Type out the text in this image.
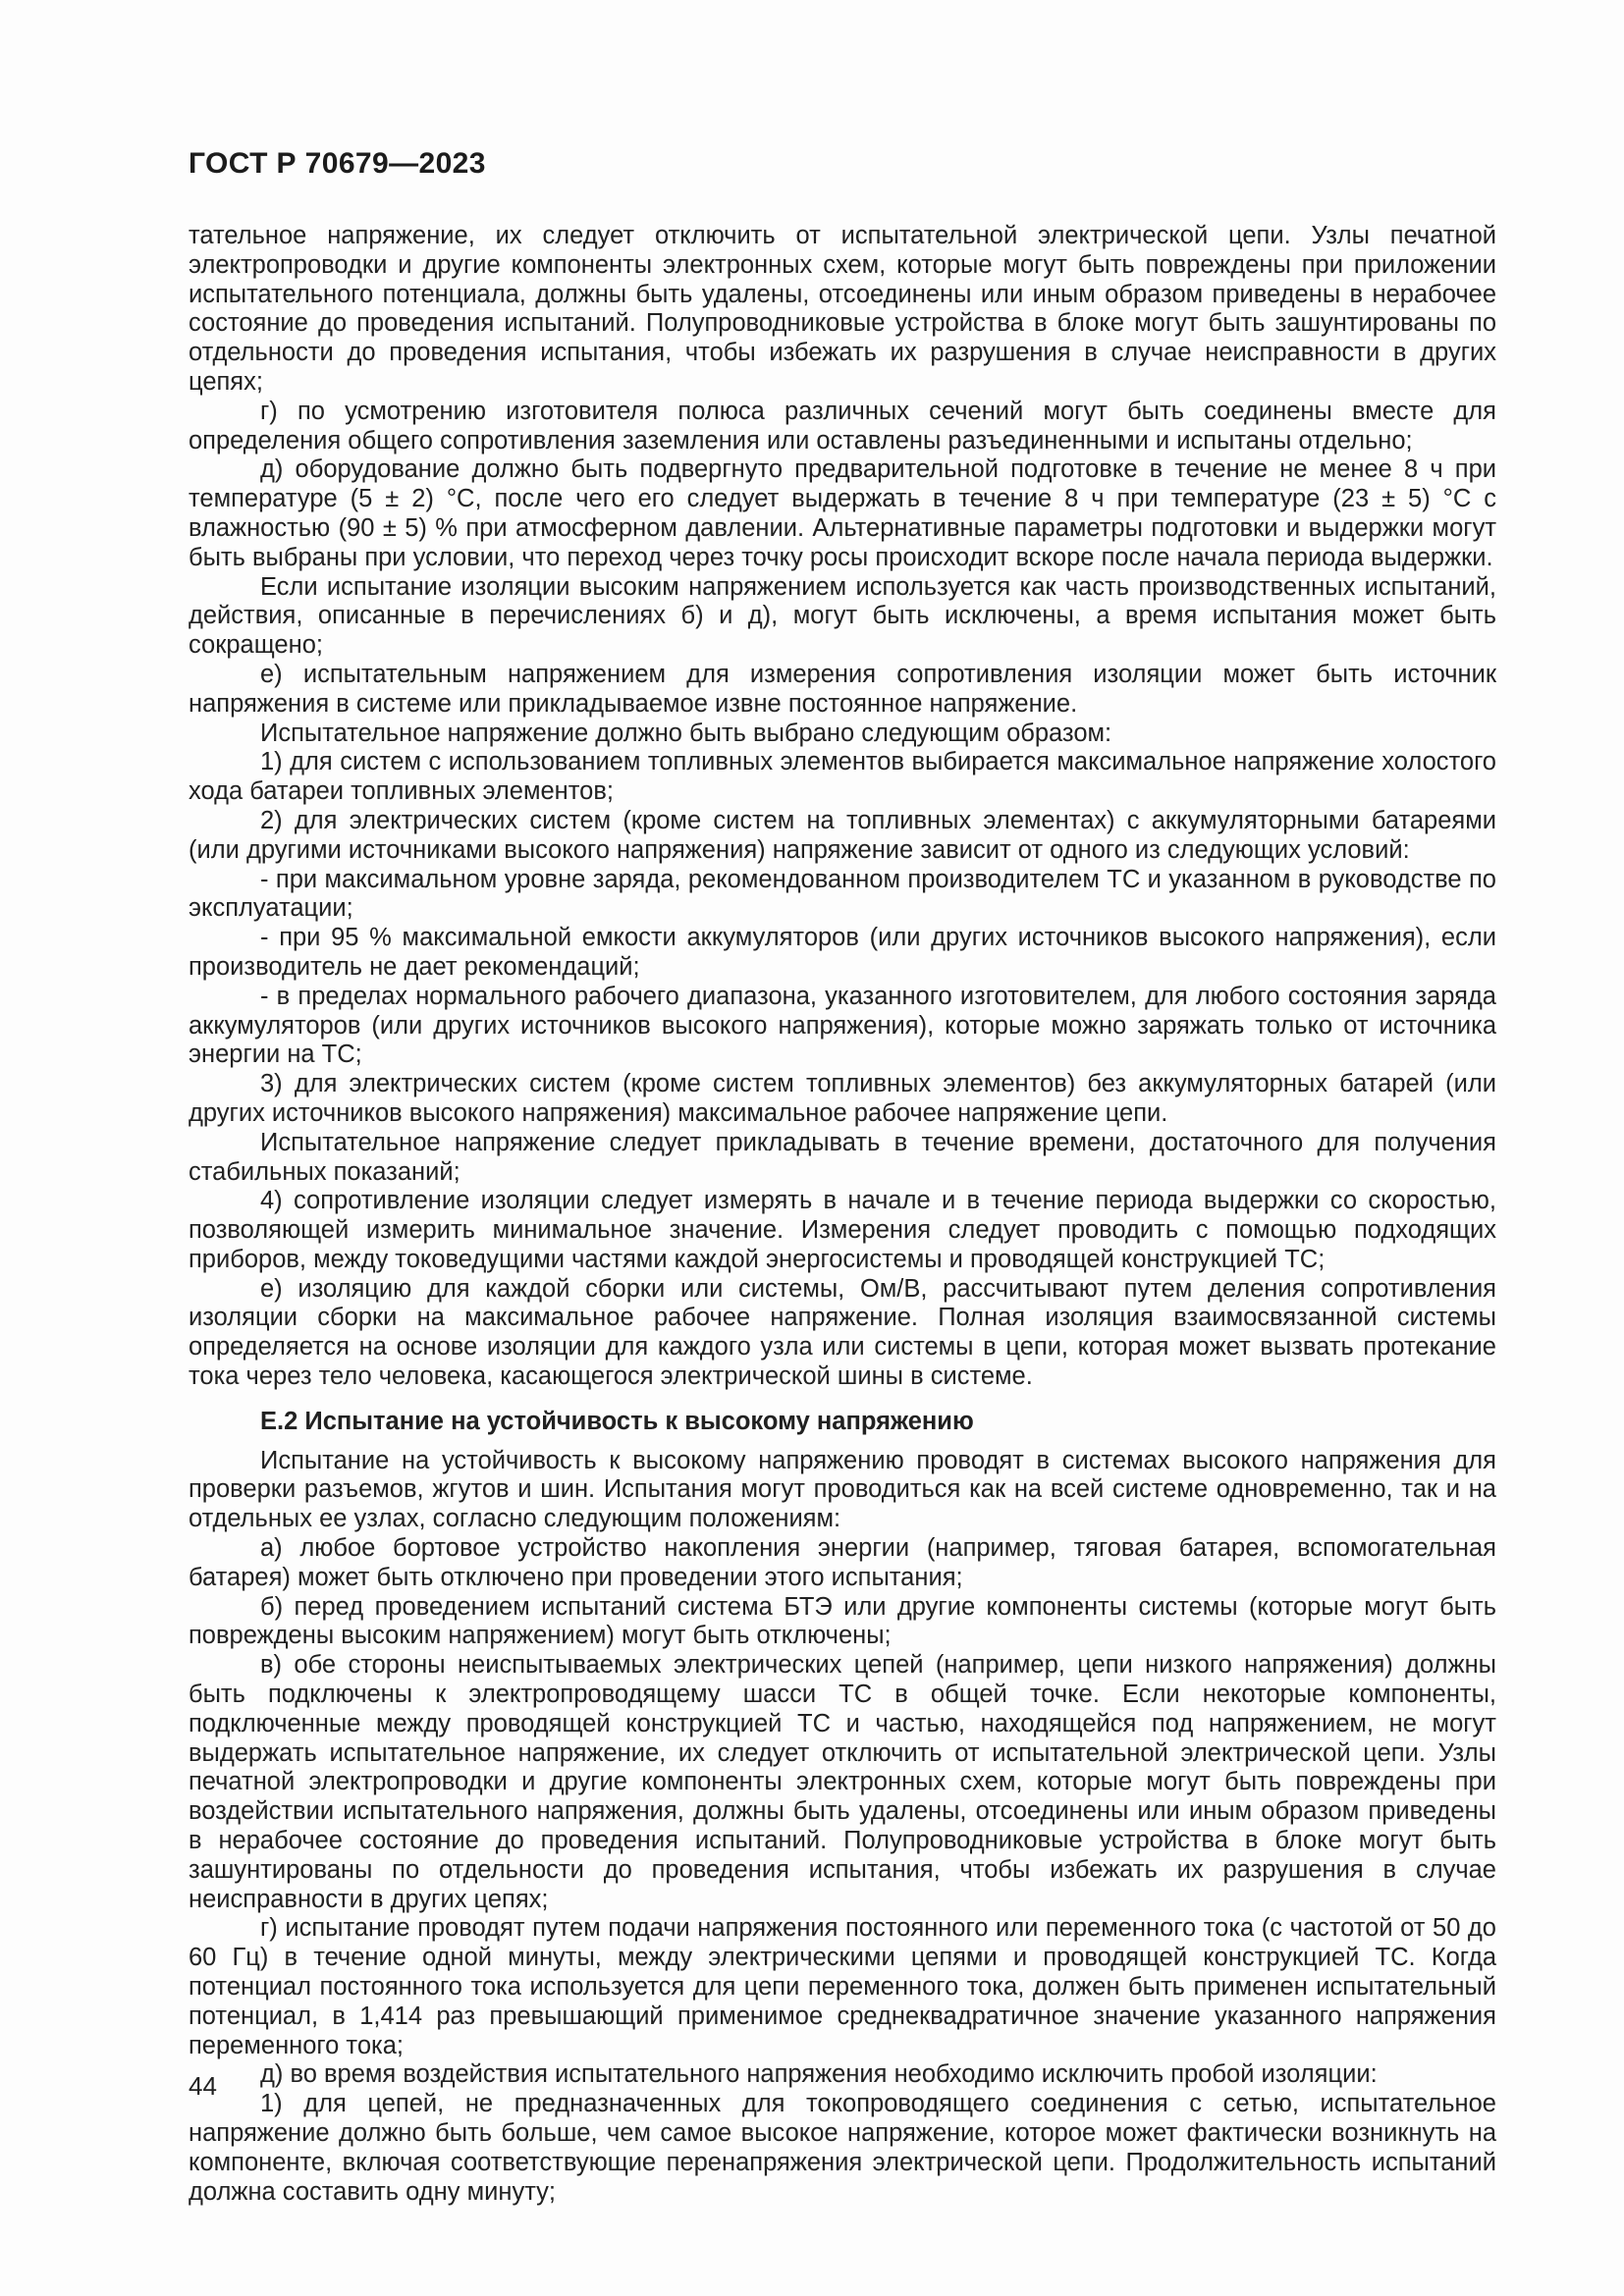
ГОСТ Р 70679—2023

тательное напряжение, их следует отключить от испытательной электрической цепи. Узлы печатной электропроводки и другие компоненты электронных схем, которые могут быть повреждены при приложении испытательного потенциала, должны быть удалены, отсоединены или иным образом приведены в нерабочее состояние до проведения испытаний. Полупроводниковые устройства в блоке могут быть зашунтированы по отдельности до проведения испытания, чтобы избежать их разрушения в случае неисправности в других цепях;

г) по усмотрению изготовителя полюса различных сечений могут быть соединены вместе для определения общего сопротивления заземления или оставлены разъединенными и испытаны отдельно;

д) оборудование должно быть подвергнуто предварительной подготовке в течение не менее 8 ч при температуре (5 ± 2) °С, после чего его следует выдержать в течение 8 ч при температуре (23 ± 5) °С с влажностью (90 ± 5) % при атмосферном давлении. Альтернативные параметры подготовки и выдержки могут быть выбраны при условии, что переход через точку росы происходит вскоре после начала периода выдержки.

Если испытание изоляции высоким напряжением используется как часть производственных испытаний, действия, описанные в перечислениях б) и д), могут быть исключены, а время испытания может быть сокращено;

е) испытательным напряжением для измерения сопротивления изоляции может быть источник напряжения в системе или прикладываемое извне постоянное напряжение.

Испытательное напряжение должно быть выбрано следующим образом:

1) для систем с использованием топливных элементов выбирается максимальное напряжение холостого хода батареи топливных элементов;

2) для электрических систем (кроме систем на топливных элементах) с аккумуляторными батареями (или другими источниками высокого напряжения) напряжение зависит от одного из следующих условий:

- при максимальном уровне заряда, рекомендованном производителем ТС и указанном в руководстве по эксплуатации;

- при 95 % максимальной емкости аккумуляторов (или других источников высокого напряжения), если производитель не дает рекомендаций;

- в пределах нормального рабочего диапазона, указанного изготовителем, для любого состояния заряда аккумуляторов (или других источников высокого напряжения), которые можно заряжать только от источника энергии на ТС;

3) для электрических систем (кроме систем топливных элементов) без аккумуляторных батарей (или других источников высокого напряжения) максимальное рабочее напряжение цепи.

Испытательное напряжение следует прикладывать в течение времени, достаточного для получения стабильных показаний;

4) сопротивление изоляции следует измерять в начале и в течение периода выдержки со скоростью, позволяющей измерить минимальное значение. Измерения следует проводить с помощью подходящих приборов, между токоведущими частями каждой энергосистемы и проводящей конструкцией ТС;

е) изоляцию для каждой сборки или системы, Ом/В, рассчитывают путем деления сопротивления изоляции сборки на максимальное рабочее напряжение. Полная изоляция взаимосвязанной системы определяется на основе изоляции для каждого узла или системы в цепи, которая может вызвать протекание тока через тело человека, касающегося электрической шины в системе.

Е.2 Испытание на устойчивость к высокому напряжению

Испытание на устойчивость к высокому напряжению проводят в системах высокого напряжения для проверки разъемов, жгутов и шин. Испытания могут проводиться как на всей системе одновременно, так и на отдельных ее узлах, согласно следующим положениям:

а) любое бортовое устройство накопления энергии (например, тяговая батарея, вспомогательная батарея) может быть отключено при проведении этого испытания;

б) перед проведением испытаний система БТЭ или другие компоненты системы (которые могут быть повреждены высоким напряжением) могут быть отключены;

в) обе стороны неиспытываемых электрических цепей (например, цепи низкого напряжения) должны быть подключены к электропроводящему шасси ТС в общей точке. Если некоторые компоненты, подключенные между проводящей конструкцией ТС и частью, находящейся под напряжением, не могут выдержать испытательное напряжение, их следует отключить от испытательной электрической цепи. Узлы печатной электропроводки и другие компоненты электронных схем, которые могут быть повреждены при воздействии испытательного напряжения, должны быть удалены, отсоединены или иным образом приведены в нерабочее состояние до проведения испытаний. Полупроводниковые устройства в блоке могут быть зашунтированы по отдельности до проведения испытания, чтобы избежать их разрушения в случае неисправности в других цепях;

г) испытание проводят путем подачи напряжения постоянного или переменного тока (с частотой от 50 до 60 Гц) в течение одной минуты, между электрическими цепями и проводящей конструкцией ТС. Когда потенциал постоянного тока используется для цепи переменного тока, должен быть применен испытательный потенциал, в 1,414 раз превышающий применимое среднеквадратичное значение указанного напряжения переменного тока;

д) во время воздействия испытательного напряжения необходимо исключить пробой изоляции:

1) для цепей, не предназначенных для токопроводящего соединения с сетью, испытательное напряжение должно быть больше, чем самое высокое напряжение, которое может фактически возникнуть на компоненте, включая соответствующие перенапряжения электрической цепи. Продолжительность испытаний должна составить одну минуту;

44
